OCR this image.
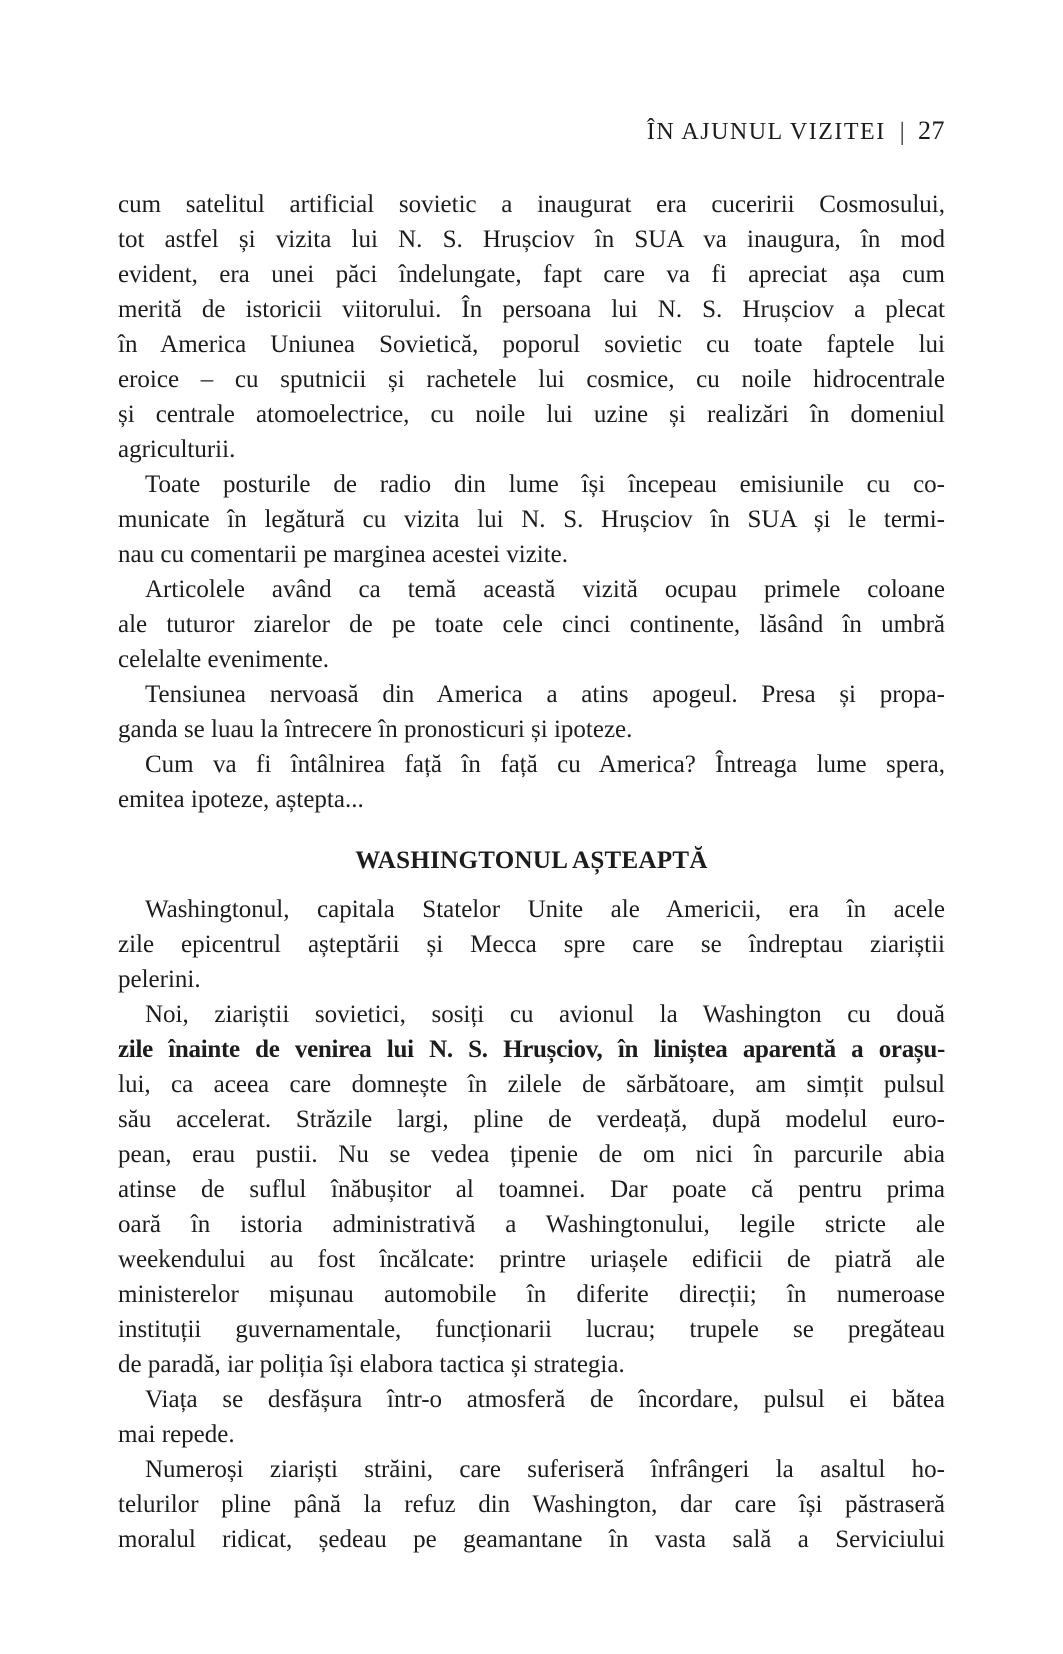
ÎN AJUNUL VIZITEI | 27
cum satelitul artificial sovietic a inaugurat era cuceririi Cosmosului,
tot astfel și vizita lui N. S. Hrușciov în SUA va inaugura, în mod
evident, era unei păci îndelungate, fapt care va fi apreciat așa cum
merită de istoricii viitorului. În persoana lui N. S. Hrușciov a plecat
în America Uniunea Sovietică, poporul sovietic cu toate faptele lui
eroice – cu sputnicii și rachetele lui cosmice, cu noile hidrocentrale
și centrale atomoelectrice, cu noile lui uzine și realizări în domeniul
agriculturii.
Toate posturile de radio din lume își începeau emisiunile cu co-
municate în legătură cu vizita lui N. S. Hrușciov în SUA și le termi-
nau cu comentarii pe marginea acestei vizite.
Articolele având ca temă această vizită ocupau primele coloane
ale tuturor ziarelor de pe toate cele cinci continente, lăsând în umbră
celelalte evenimente.
Tensiunea nervoasă din America a atins apogeul. Presa și propa-
ganda se luau la întrecere în pronosticuri și ipoteze.
Cum va fi întâlnirea față în față cu America? Întreaga lume spera,
emitea ipoteze, aștepta...
WASHINGTONUL AȘTEAPTĂ
Washingtonul, capitala Statelor Unite ale Americii, era în acele
zile epicentrul așteptării și Mecca spre care se îndreptau ziariștii
pelerini.
Noi, ziariștii sovietici, sosiți cu avionul la Washington cu două
zile înainte de venirea lui N. S. Hrușciov, în liniștea aparentă a orașu-
lui, ca aceea care domnește în zilele de sărbătoare, am simțit pulsul
său accelerat. Străzile largi, pline de verdeață, după modelul euro-
pean, erau pustii. Nu se vedea țipenie de om nici în parcurile abia
atinse de suflul înăbușitor al toamnei. Dar poate că pentru prima
oară în istoria administrativă a Washingtonului, legile stricte ale
weekendului au fost încălcate: printre uriașele edificii de piatră ale
ministerelor mișunau automobile în diferite direcții; în numeroase
instituții guvernamentale, funcționarii lucrau; trupele se pregăteau
de paradă, iar poliția își elabora tactica și strategia.
Viața se desfășura într-o atmosferă de încordare, pulsul ei bătea
mai repede.
Numeroși ziariști străini, care suferiseră înfrângeri la asaltul ho-
telurilor pline până la refuz din Washington, dar care își păstraseră
moralul ridicat, ședeau pe geamantane în vasta sală a Serviciului
